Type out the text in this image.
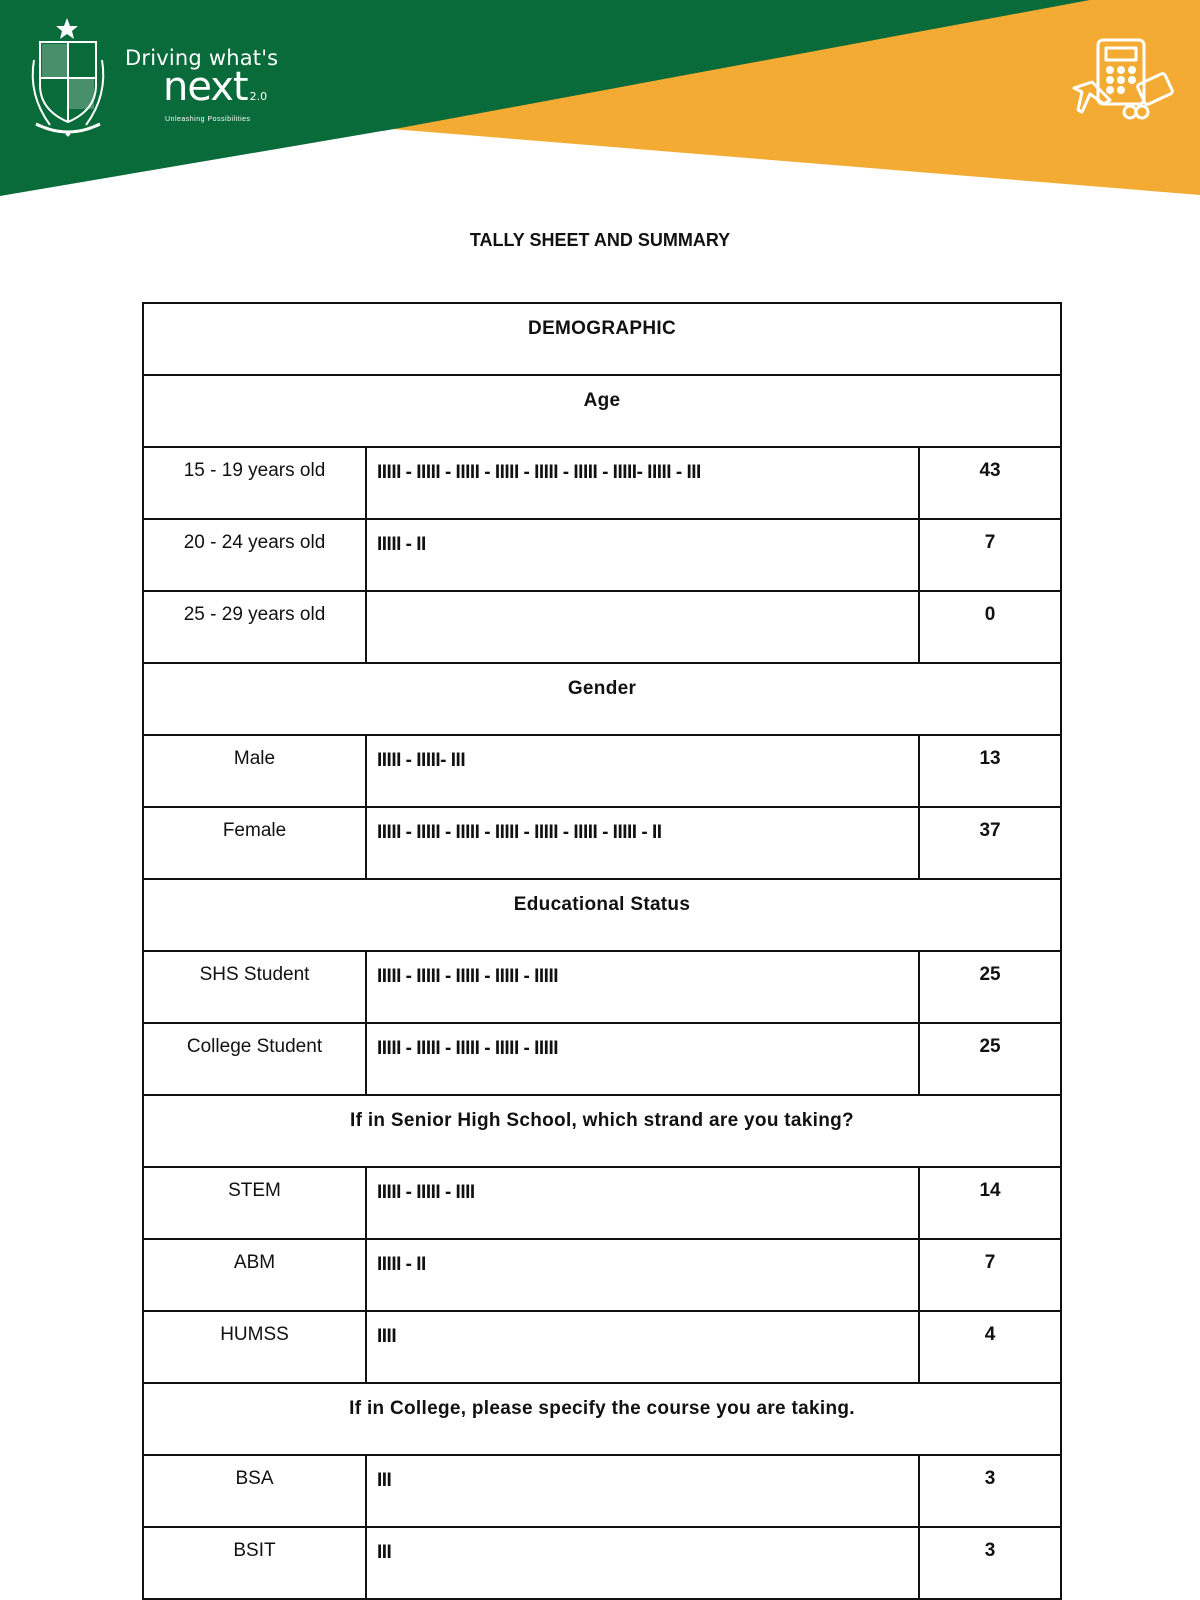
◆
Driving what's
next 2.0
Unleashing Possibilities
TALLY SHEET AND SUMMARY
DEMOGRAPHIC		
Age		
15 - 19 years old	IIIII - IIIII - IIIII - IIIII - IIIII - IIIII - IIIII- IIIII - III	43
20 - 24 years old	IIIII - II	7
25 - 29 years old		0
Gender		
Male	IIIII - IIIII- III	13
Female	IIIII - IIIII - IIIII - IIIII - IIIII - IIIII - IIIII - II	37
Educational Status		
SHS Student	IIIII - IIIII - IIIII - IIIII - IIIII	25
College Student	IIIII - IIIII - IIIII - IIIII - IIIII	25
If in Senior High School, which strand are you taking?		
STEM	IIIII - IIIII - IIII	14
ABM	IIIII - II	7
HUMSS	IIII	4
If in College, please specify the course you are taking.		
BSA	III	3
BSIT	III	3
